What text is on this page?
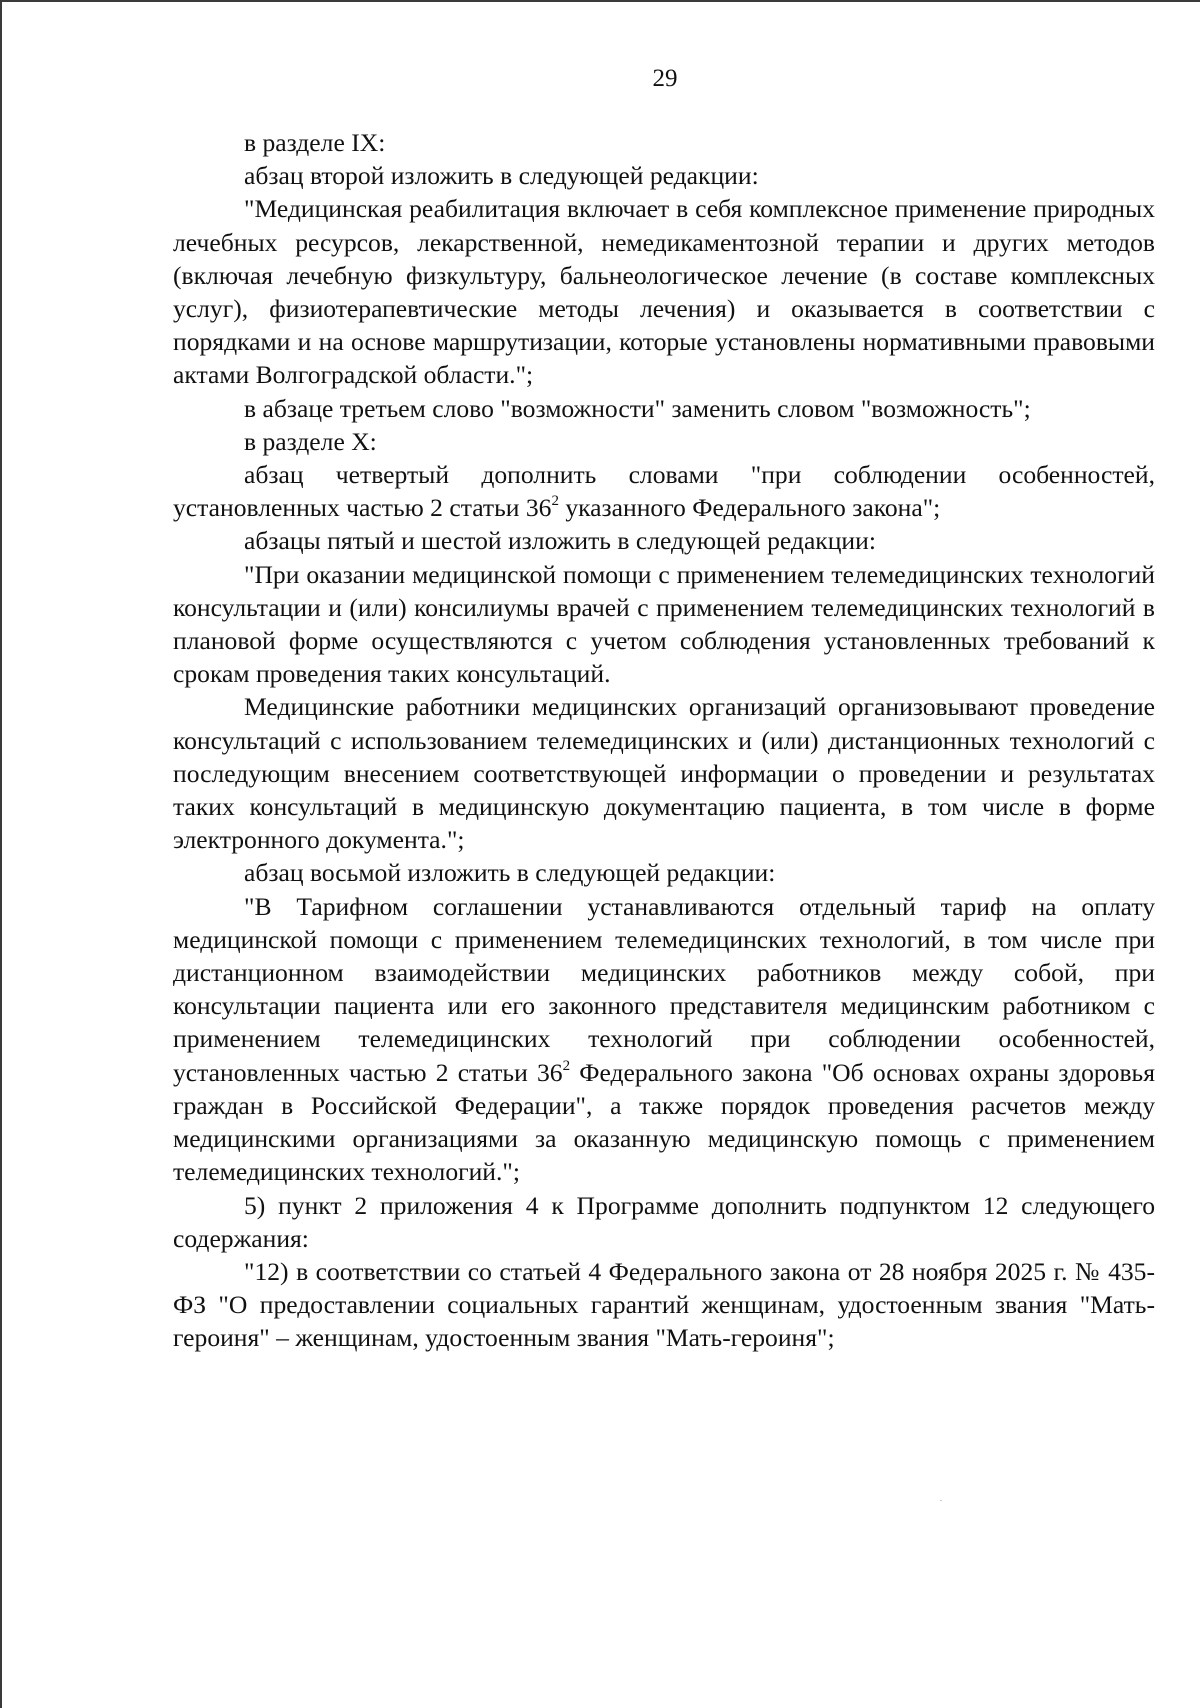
29

в разделе IX:

абзац второй изложить в следующей редакции:

"Медицинская реабилитация включает в себя комплексное применение природных лечебных ресурсов, лекарственной, немедикаментозной терапии и других методов (включая лечебную физкультуру, бальнеологическое лечение (в составе комплексных услуг), физиотерапевтические методы лечения) и оказывается в соответствии с порядками и на основе маршрутизации, которые установлены нормативными правовыми актами Волгоградской области.";

в абзаце третьем слово "возможности" заменить словом "возможность";

в разделе X:

абзац четвертый дополнить словами "при соблюдении особенностей, установленных частью 2 статьи $36^2$ указанного Федерального закона";

абзацы пятый и шестой изложить в следующей редакции:

"При оказании медицинской помощи с применением телемедицинских технологий консультации и (или) консилиумы врачей с применением телемедицинских технологий в плановой форме осуществляются с учетом соблюдения установленных требований к срокам проведения таких консультаций.

Медицинские работники медицинских организаций организовывают проведение консультаций с использованием телемедицинских и (или) дистанционных технологий с последующим внесением соответствующей информации о проведении и результатах таких консультаций в медицинскую документацию пациента, в том числе в форме электронного документа.";

абзац восьмой изложить в следующей редакции:

"В Тарифном соглашении устанавливаются отдельный тариф на оплату медицинской помощи с применением телемедицинских технологий, в том числе при дистанционном взаимодействии медицинских работников между собой, при консультации пациента или его законного представителя медицинским работником с применением телемедицинских технологий при соблюдении особенностей, установленных частью 2 статьи $36^2$ Федерального закона "Об основах охраны здоровья граждан в Российской Федерации", а также порядок проведения расчетов между медицинскими организациями за оказанную медицинскую помощь с применением телемедицинских технологий.";

5) пункт 2 приложения 4 к Программе дополнить подпунктом 12 следующего содержания:

"12) в соответствии со статьей 4 Федерального закона от 28 ноября 2025 г. № 435-ФЗ "О предоставлении социальных гарантий женщинам, удостоенным звания "Мать-героиня" – женщинам, удостоенным звания "Мать-героиня";
